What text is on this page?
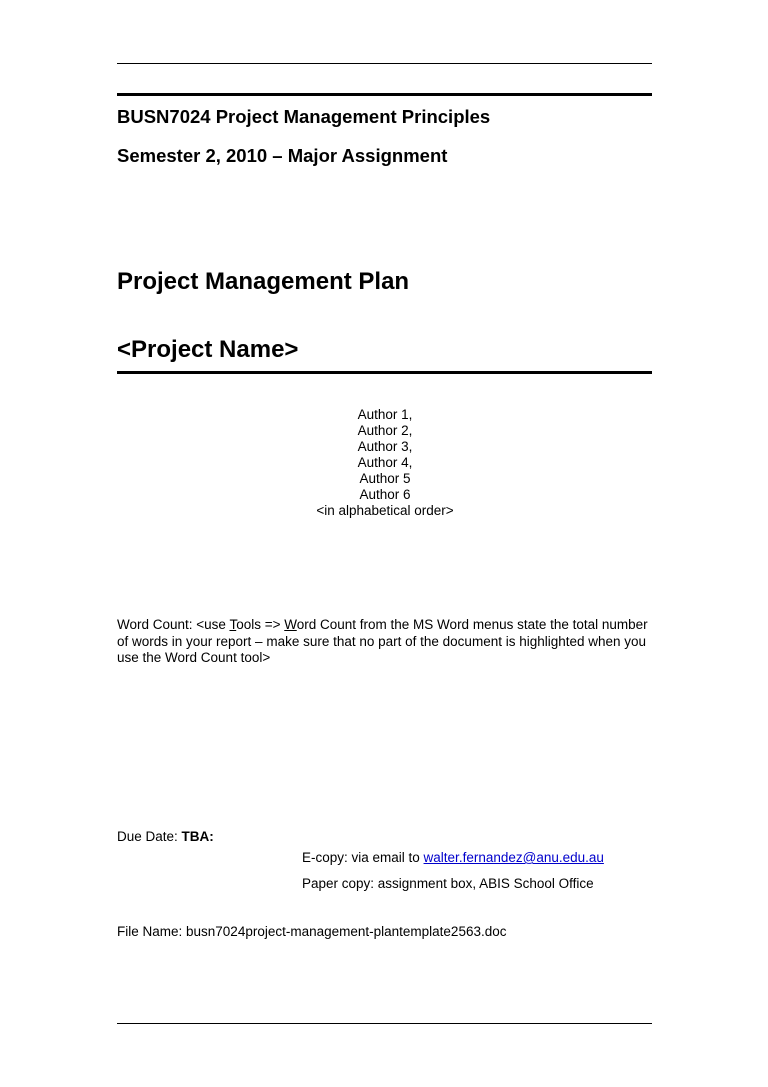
BUSN7024 Project Management Principles
Semester 2, 2010 – Major Assignment
Project Management Plan
<Project Name>
Author 1,
Author 2,
Author 3,
Author 4,
Author 5
Author 6
<in alphabetical order>
Word Count: <use Tools => Word Count from the MS Word menus state the total number of words in your report – make sure that no part of the document is highlighted when you use the Word Count tool>
Due Date: TBA:
E-copy: via email to walter.fernandez@anu.edu.au
Paper copy: assignment box, ABIS School Office
File Name: busn7024project-management-plantemplate2563.doc
